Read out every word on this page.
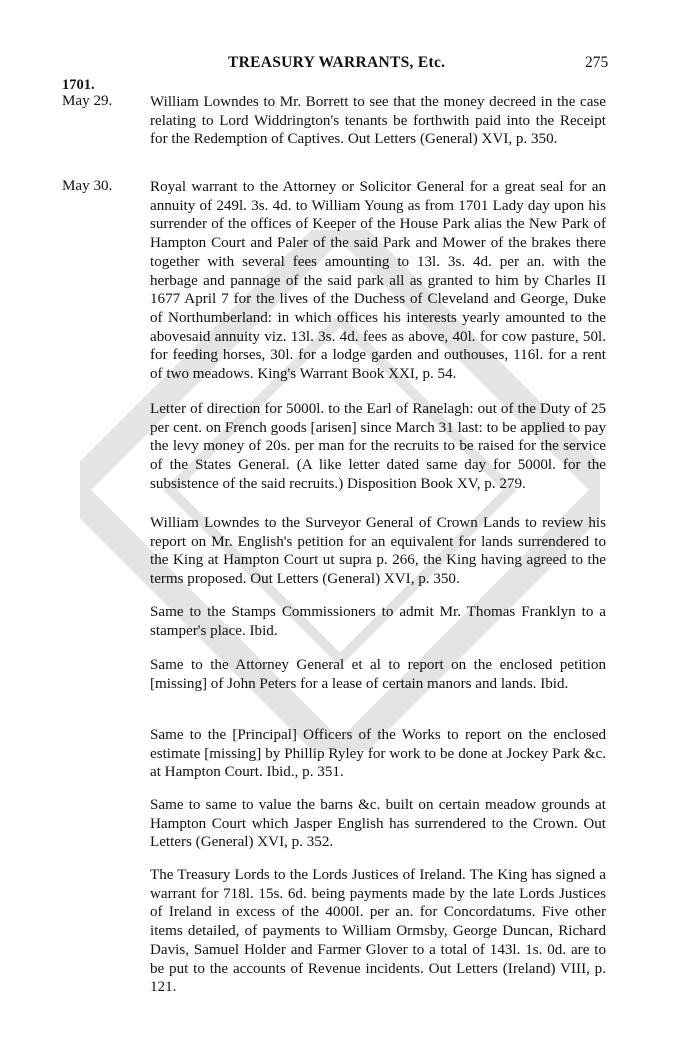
TREASURY WARRANTS, Etc.	275
1701.
May 29. William Lowndes to Mr. Borrett to see that the money decreed in the case relating to Lord Widdrington's tenants be forthwith paid into the Receipt for the Redemption of Captives. Out Letters (General) XVI, p. 350.
May 30. Royal warrant to the Attorney or Solicitor General for a great seal for an annuity of 249l. 3s. 4d. to William Young as from 1701 Lady day upon his surrender of the offices of Keeper of the House Park alias the New Park of Hampton Court and Paler of the said Park and Mower of the brakes there together with several fees amounting to 13l. 3s. 4d. per an. with the herbage and pannage of the said park all as granted to him by Charles II 1677 April 7 for the lives of the Duchess of Cleveland and George, Duke of Northumberland: in which offices his interests yearly amounted to the abovesaid annuity viz. 13l. 3s. 4d. fees as above, 40l. for cow pasture, 50l. for feeding horses, 30l. for a lodge garden and outhouses, 116l. for a rent of two meadows. King's Warrant Book XXI, p. 54.
Letter of direction for 5000l. to the Earl of Ranelagh: out of the Duty of 25 per cent. on French goods [arisen] since March 31 last: to be applied to pay the levy money of 20s. per man for the recruits to be raised for the service of the States General. (A like letter dated same day for 5000l. for the subsistence of the said recruits.) Disposition Book XV, p. 279.
William Lowndes to the Surveyor General of Crown Lands to review his report on Mr. English's petition for an equivalent for lands surrendered to the King at Hampton Court ut supra p. 266, the King having agreed to the terms proposed. Out Letters (General) XVI, p. 350.
Same to the Stamps Commissioners to admit Mr. Thomas Franklyn to a stamper's place. Ibid.
Same to the Attorney General et al to report on the enclosed petition [missing] of John Peters for a lease of certain manors and lands. Ibid.
Same to the [Principal] Officers of the Works to report on the enclosed estimate [missing] by Phillip Ryley for work to be done at Jockey Park &c. at Hampton Court. Ibid., p. 351.
Same to same to value the barns &c. built on certain meadow grounds at Hampton Court which Jasper English has surrendered to the Crown. Out Letters (General) XVI, p. 352.
The Treasury Lords to the Lords Justices of Ireland. The King has signed a warrant for 718l. 15s. 6d. being payments made by the late Lords Justices of Ireland in excess of the 4000l. per an. for Concordatums. Five other items detailed, of payments to William Ormsby, George Duncan, Richard Davis, Samuel Holder and Farmer Glover to a total of 143l. 1s. 0d. are to be put to the accounts of Revenue incidents. Out Letters (Ireland) VIII, p. 121.
